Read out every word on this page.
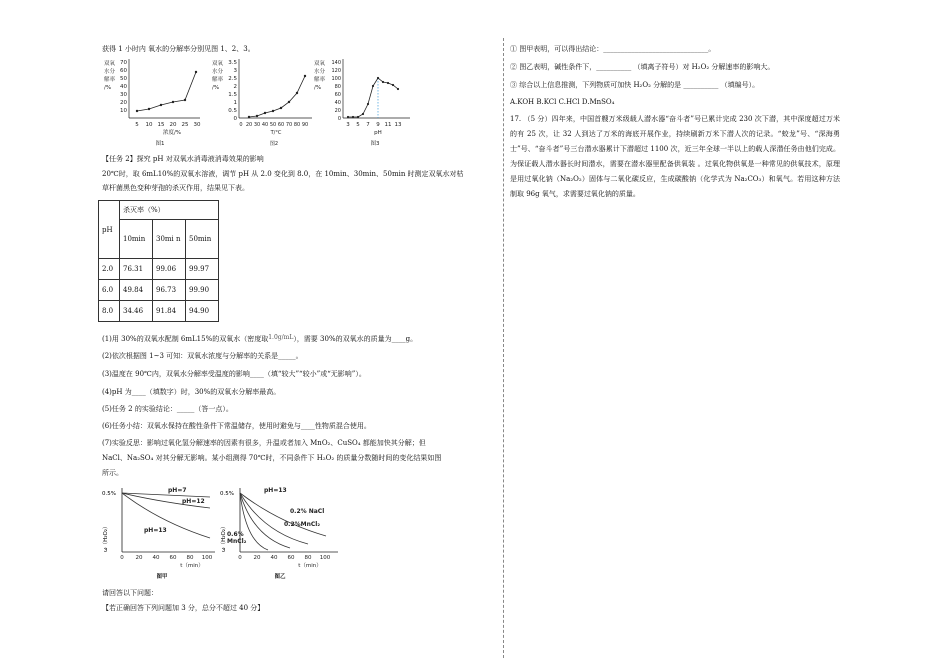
获得 1 小时内 氧水的分解率分别见图 1、2、3。
双氧
水分
解率
/%
70
60
50
40
30
20
10
5 10 15 20 25 30
浓度/%
图1
双氧
水分
解率
/%
3.5
3
2.5
2
1.5
1
0.5
0
0 20 30 40 50 60 70 80 90
T/°C
图2
双氧
水分
解率
/%
140
120
100
80
60
40
20
0
3 5 7 9 11 13
pH
图3
【任务 2】探究 pH 对双氧水消毒液消毒效果的影响
20℃时，取 6mL10%的双氧水溶液，调节 pH 从 2.0 变化到 8.0，在 10min、30min、50min 时测定双氧水对枯
草杆菌黑色变种芽孢的杀灭作用，结果见下表。
pH	杀灭率（%）		
	10min	30mi n	50min
2.0	76.31	99.06	99.97
6.0	49.84	96.73	99.90
8.0	34.46	91.84	94.90
(1)用 30%的双氧水配制 6mL15%的双氧水（密度取1.0g/mL），需要 30%的双氧水的质量为____g。
(2)依次根据图 1~3 可知：双氧水浓度与分解率的关系是_____。
(3)温度在 90℃内，双氧水分解率受温度的影响____（填“较大”“较小”或“无影响”）。
(4)pH 为____（填数字）时，30%的双氧水分解率最高。
(5)任务 2 的实验结论：_____（答一点）。
(6)任务小结：双氧水保持在酸性条件下常温储存，使用时避免与____性物质混合使用。
(7)实验反思：影响过氧化氢分解速率的因素有很多，升温或者加入 MnO₂、CuSO₄ 都能加快其分解；但
NaCl、Na₂SO₄ 对其分解无影响。某小组测得 70℃时，不同条件下 H₂O₂ 的质量分数随时间的变化结果如图
所示。
ω（H₂O₂）
0.5%
0 20 40 60 80 100
t（min）
图甲
pH=7
pH=12
pH=13	ω（H₂O₂）
0.5%
0 20 40 60 80 100
t（min）
图乙
pH=13
0.2% NaCl
0.2%MnCl₂
0.6%
MnCl₂
请回答以下问题：
【若正确回答下列问题加 3 分，总分不超过 40 分】
① 图甲表明，可以得出结论：______________________________。
② 图乙表明，碱性条件下，__________ （填离子符号）对 H₂O₂ 分解速率的影响大。
③ 综合以上信息推测，下列物质可加快 H₂O₂ 分解的是 __________ （填编号）。
A.KOH B.KCl C.HCl D.MnSO₄
17. （5 分）四年来，中国首艘万米级载人潜水器“奋斗者”号已累计完成 230 次下潜，其中深度超过万米的有 25 次，让 32 人到达了万米的海底开展作业，持续刷新万米下潜人次的记录。“蛟龙”号、“深海勇士”号、“奋斗者”号三台潜水器累计下潜超过 1100 次，近三年全球一半以上的载人深潜任务由他们完成。为保证载人潜水器长时间潜水，需要在潜水器里配备供氧装 。过氧化物供氧是一种常见的供氧技术，原理是用过氧化钠（Na₂O₂）固体与二氧化碳反应，生成碳酸钠（化学式为 Na₂CO₃）和氧气。若用这种方法制取 96g 氧气，求需要过氧化钠的质量。
